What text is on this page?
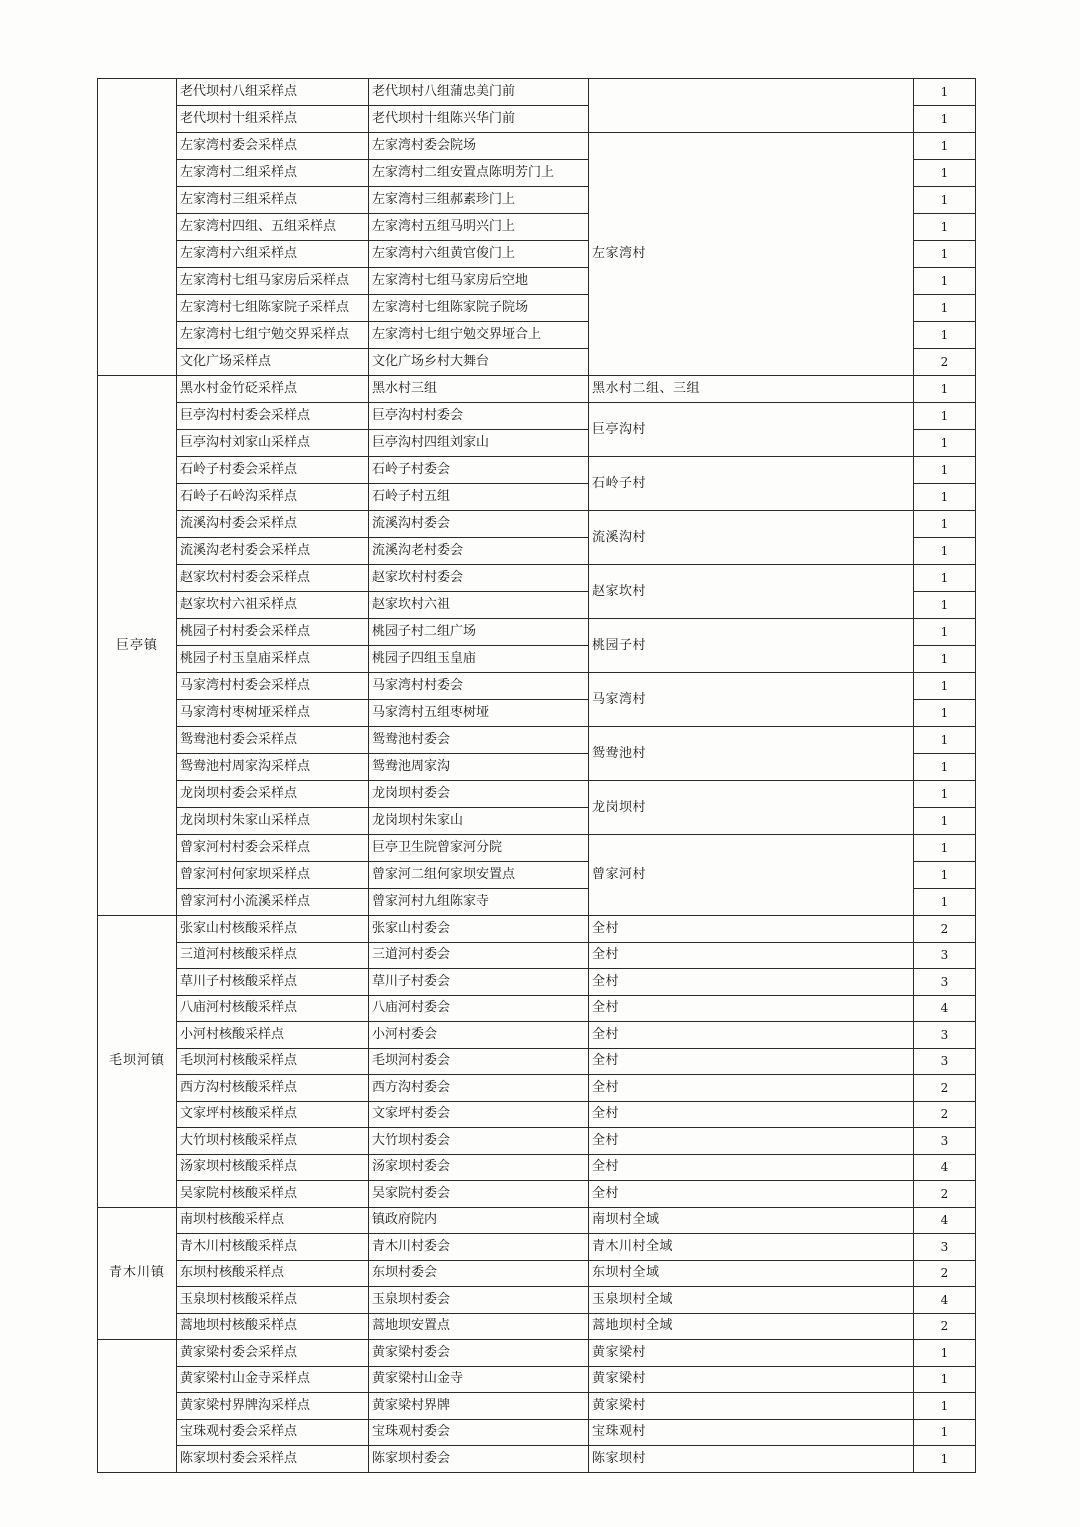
	老代坝村八组采样点	老代坝村八组蒲忠美门前		1
	老代坝村十组采样点	老代坝村十组陈兴华门前		1
	左家湾村委会采样点	左家湾村委会院场	左家湾村	1
	左家湾村二组采样点	左家湾村二组安置点陈明芳门上		1
	左家湾村三组采样点	左家湾村三组郝素珍门上		1
	左家湾村四组、五组采样点	左家湾村五组马明兴门上		1
	左家湾村六组采样点	左家湾村六组黄官俊门上		1
	左家湾村七组马家房后采样点	左家湾村七组马家房后空地		1
	左家湾村七组陈家院子采样点	左家湾村七组陈家院子院场		1
	左家湾村七组宁勉交界采样点	左家湾村七组宁勉交界垭合上		1
	文化广场采样点	文化广场乡村大舞台		2
巨亭镇	黑水村金竹砭采样点	黑水村三组	黑水村二组、三组	1
	巨亭沟村村委会采样点	巨亭沟村村委会	巨亭沟村	1
	巨亭沟村刘家山采样点	巨亭沟村四组刘家山		1
	石岭子村委会采样点	石岭子村委会	石岭子村	1
	石岭子石岭沟采样点	石岭子村五组		1
	流溪沟村委会采样点	流溪沟村委会	流溪沟村	1
	流溪沟老村委会采样点	流溪沟老村委会		1
	赵家坎村村委会采样点	赵家坎村村委会	赵家坎村	1
	赵家坎村六祖采样点	赵家坎村六祖		1
	桃园子村村委会采样点	桃园子村二组广场	桃园子村	1
	桃园子村玉皇庙采样点	桃园子四组玉皇庙		1
	马家湾村村委会采样点	马家湾村村委会	马家湾村	1
	马家湾村枣树垭采样点	马家湾村五组枣树垭		1
	鸳鸯池村委会采样点	鸳鸯池村委会	鸳鸯池村	1
	鸳鸯池村周家沟采样点	鸳鸯池周家沟		1
	龙岗坝村委会采样点	龙岗坝村委会	龙岗坝村	1
	龙岗坝村朱家山采样点	龙岗坝村朱家山		1
	曾家河村村委会采样点	巨亭卫生院曾家河分院	曾家河村	1
	曾家河村何家坝采样点	曾家河二组何家坝安置点		1
	曾家河村小流溪采样点	曾家河村九组陈家寺		1
毛坝河镇	张家山村核酸采样点	张家山村委会	全村	2
	三道河村核酸采样点	三道河村委会	全村	3
	草川子村核酸采样点	草川子村委会	全村	3
	八庙河村核酸采样点	八庙河村委会	全村	4
	小河村核酸采样点	小河村委会	全村	3
	毛坝河村核酸采样点	毛坝河村委会	全村	3
	西方沟村核酸采样点	西方沟村委会	全村	2
	文家坪村核酸采样点	文家坪村委会	全村	2
	大竹坝村核酸采样点	大竹坝村委会	全村	3
	汤家坝村核酸采样点	汤家坝村委会	全村	4
	吴家院村核酸采样点	吴家院村委会	全村	2
青木川镇	南坝村核酸采样点	镇政府院内	南坝村全域	4
	青木川村核酸采样点	青木川村委会	青木川村全域	3
	东坝村核酸采样点	东坝村委会	东坝村全域	2
	玉泉坝村核酸采样点	玉泉坝村委会	玉泉坝村全域	4
	蒿地坝村核酸采样点	蒿地坝安置点	蒿地坝村全域	2
	黄家梁村委会采样点	黄家梁村委会	黄家梁村	1
	黄家梁村山金寺采样点	黄家梁村山金寺	黄家梁村	1
	黄家梁村界牌沟采样点	黄家梁村界牌	黄家梁村	1
	宝珠观村委会采样点	宝珠观村委会	宝珠观村	1
	陈家坝村委会采样点	陈家坝村委会	陈家坝村	1
